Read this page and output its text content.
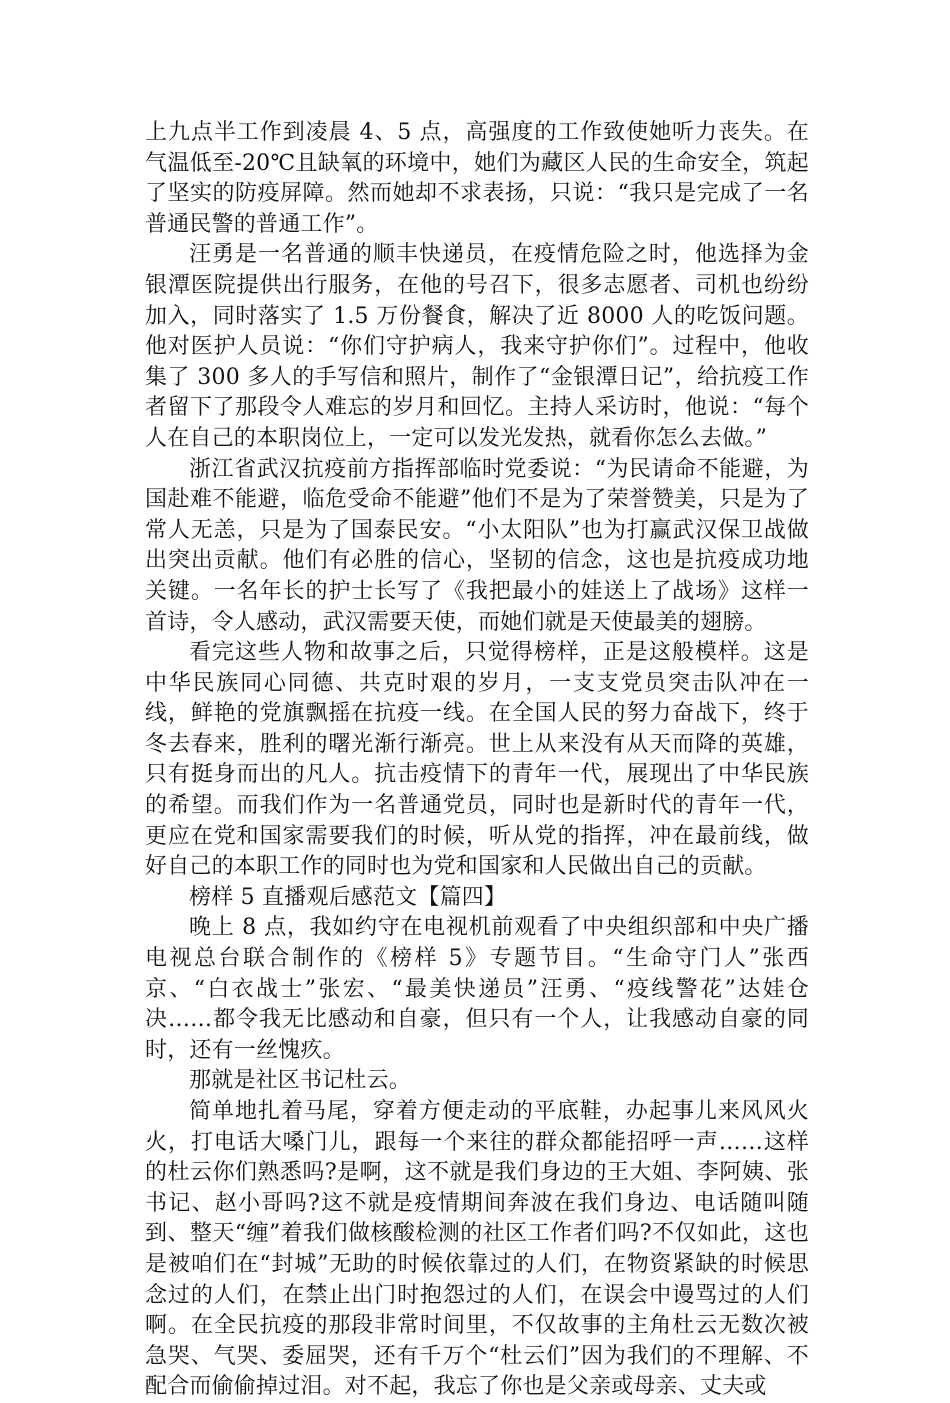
上九点半工作到凌晨 4、5 点，高强度的工作致使她听力丧失。在气温低至-20℃且缺氧的环境中，她们为藏区人民的生命安全，筑起了坚实的防疫屏障。然而她却不求表扬，只说：“我只是完成了一名普通民警的普通工作”。

汪勇是一名普通的顺丰快递员，在疫情危险之时，他选择为金银潭医院提供出行服务，在他的号召下，很多志愿者、司机也纷纷加入，同时落实了 1.5 万份餐食，解决了近 8000 人的吃饭问题。他对医护人员说：“你们守护病人，我来守护你们”。过程中，他收集了 300 多人的手写信和照片，制作了“金银潭日记”，给抗疫工作者留下了那段令人难忘的岁月和回忆。主持人采访时，他说：“每个人在自己的本职岗位上，一定可以发光发热，就看你怎么去做。”

浙江省武汉抗疫前方指挥部临时党委说：“为民请命不能避，为国赴难不能避，临危受命不能避”他们不是为了荣誉赞美，只是为了常人无恙，只是为了国泰民安。“小太阳队”也为打赢武汉保卫战做出突出贡献。他们有必胜的信心，坚韧的信念，这也是抗疫成功地关键。一名年长的护士长写了《我把最小的娃送上了战场》这样一首诗，令人感动，武汉需要天使，而她们就是天使最美的翅膀。

看完这些人物和故事之后，只觉得榜样，正是这般模样。这是中华民族同心同德、共克时艰的岁月，一支支党员突击队冲在一线，鲜艳的党旗飘摇在抗疫一线。在全国人民的努力奋战下，终于冬去春来，胜利的曙光渐行渐亮。世上从来没有从天而降的英雄，只有挺身而出的凡人。抗击疫情下的青年一代，展现出了中华民族的希望。而我们作为一名普通党员，同时也是新时代的青年一代，更应在党和国家需要我们的时候，听从党的指挥，冲在最前线，做好自己的本职工作的同时也为党和国家和人民做出自己的贡献。

榜样 5 直播观后感范文【篇四】

晚上 8 点，我如约守在电视机前观看了中央组织部和中央广播电视总台联合制作的《榜样 5》专题节目。“生命守门人”张西京、“白衣战士”张宏、“最美快递员”汪勇、“疫线警花”达娃仓决……都令我无比感动和自豪，但只有一个人，让我感动自豪的同时，还有一丝愧疚。

那就是社区书记杜云。

简单地扎着马尾，穿着方便走动的平底鞋，办起事儿来风风火火，打电话大嗓门儿，跟每一个来往的群众都能招呼一声……这样的杜云你们熟悉吗?是啊，这不就是我们身边的王大姐、李阿姨、张书记、赵小哥吗?这不就是疫情期间奔波在我们身边、电话随叫随到、整天“缠”着我们做核酸检测的社区工作者们吗?不仅如此，这也是被咱们在“封城”无助的时候依靠过的人们，在物资紧缺的时候思念过的人们，在禁止出门时抱怨过的人们，在误会中谩骂过的人们啊。在全民抗疫的那段非常时间里，不仅故事的主角杜云无数次被急哭、气哭、委屈哭，还有千万个“杜云们”因为我们的不理解、不配合而偷偷掉过泪。对不起，我忘了你也是父亲或母亲、丈夫或
